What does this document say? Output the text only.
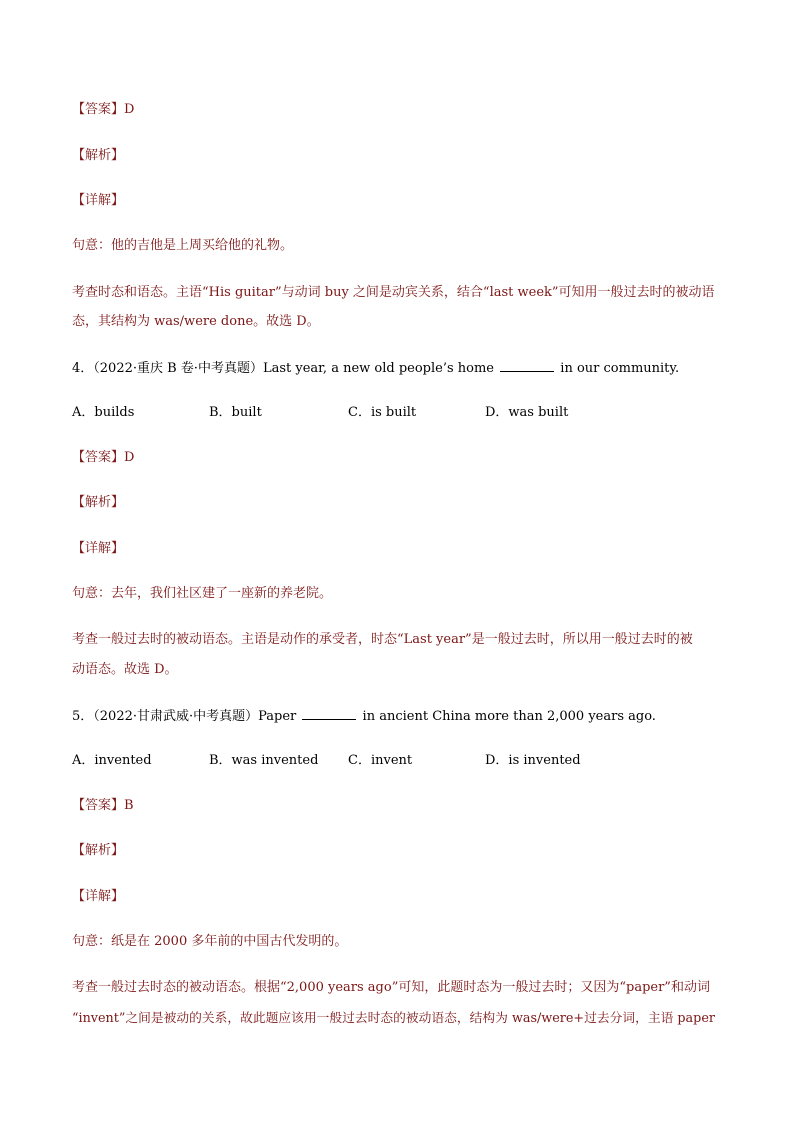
【答案】D
【解析】
【详解】
句意：他的吉他是上周买给他的礼物。
考查时态和语态。主语“His guitar”与动词 buy 之间是动宾关系，结合“last week”可知用一般过去时的被动语
态，其结构为 was/were done。故选 D。
4．（2022·重庆 B 卷·中考真题）Last year, a new old people’s home	in our community.
A．builds	B．built	C．is built	D．was built
【答案】D
【解析】
【详解】
句意：去年，我们社区建了一座新的养老院。
考查一般过去时的被动语态。主语是动作的承受者，时态“Last year”是一般过去时，所以用一般过去时的被
动语态。故选 D。
5．（2022·甘肃武威·中考真题）Paper	in ancient China more than 2,000 years ago.
A．invented	B．was invented C．invent	D．is invented
【答案】B
【解析】
【详解】
句意：纸是在 2000 多年前的中国古代发明的。
考查一般过去时态的被动语态。根据“2,000 years ago”可知，此题时态为一般过去时；又因为“paper”和动词
“invent”之间是被动的关系，故此题应该用一般过去时态的被动语态，结构为 was/were+过去分词，主语 paper
